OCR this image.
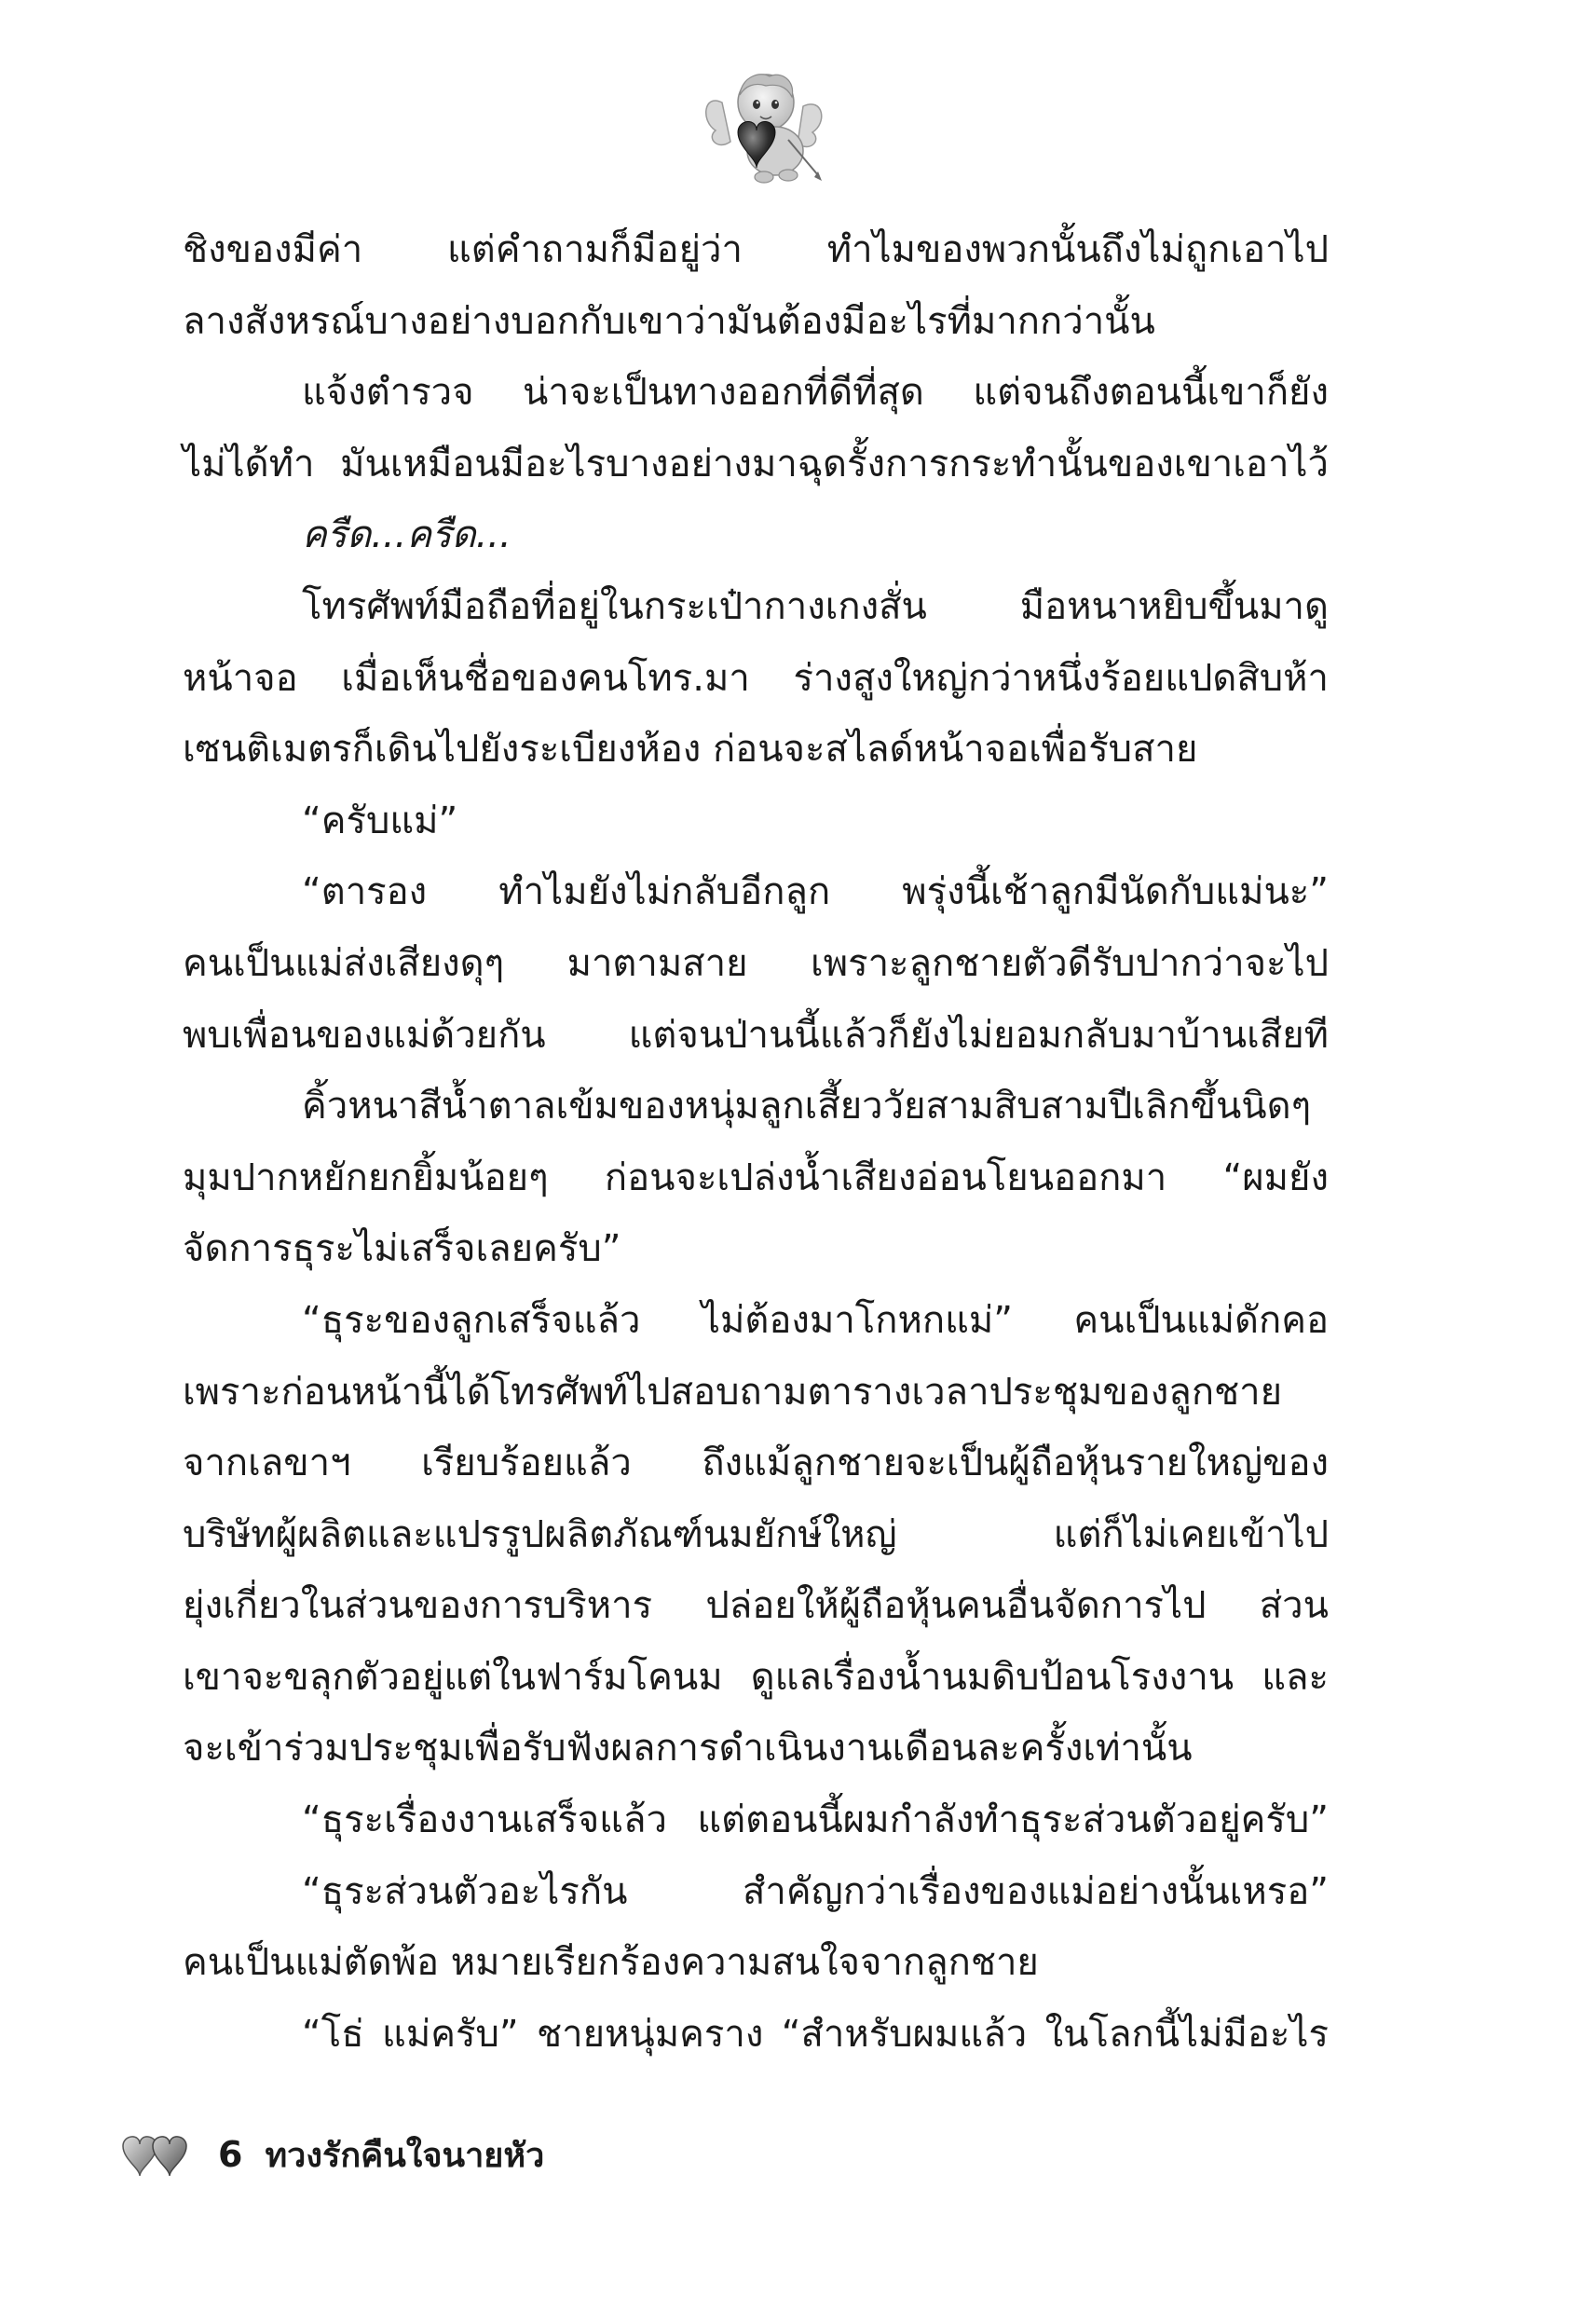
ชิงของมีค่า แต่คำถามก็มีอยู่ว่า ทำไมของพวกนั้นถึงไม่ถูกเอาไป
ลางสังหรณ์บางอย่างบอกกับเขาว่ามันต้องมีอะไรที่มากกว่านั้น
แจ้งตำรวจ น่าจะเป็นทางออกที่ดีที่สุด แต่จนถึงตอนนี้เขาก็ยัง
ไม่ได้ทำ มันเหมือนมีอะไรบางอย่างมาฉุดรั้งการกระทำนั้นของเขาเอาไว้
ครืด...ครืด...
โทรศัพท์มือถือที่อยู่ในกระเป๋ากางเกงสั่น มือหนาหยิบขึ้นมาดู
หน้าจอ เมื่อเห็นชื่อของคนโทร.มา ร่างสูงใหญ่กว่าหนึ่งร้อยแปดสิบห้า
เซนติเมตรก็เดินไปยังระเบียงห้อง ก่อนจะสไลด์หน้าจอเพื่อรับสาย
“ครับแม่”
“ตารอง ทำไมยังไม่กลับอีกลูก พรุ่งนี้เช้าลูกมีนัดกับแม่นะ”
คนเป็นแม่ส่งเสียงดุๆ มาตามสาย เพราะลูกชายตัวดีรับปากว่าจะไป
พบเพื่อนของแม่ด้วยกัน แต่จนป่านนี้แล้วก็ยังไม่ยอมกลับมาบ้านเสียที
คิ้วหนาสีน้ำตาลเข้มของหนุ่มลูกเสี้ยววัยสามสิบสามปีเลิกขึ้นนิดๆ
มุมปากหยักยกยิ้มน้อยๆ ก่อนจะเปล่งน้ำเสียงอ่อนโยนออกมา “ผมยัง
จัดการธุระไม่เสร็จเลยครับ”
“ธุระของลูกเสร็จแล้ว ไม่ต้องมาโกหกแม่” คนเป็นแม่ดักคอ
เพราะก่อนหน้านี้ได้โทรศัพท์ไปสอบถามตารางเวลาประชุมของลูกชาย
จากเลขาฯ เรียบร้อยแล้ว ถึงแม้ลูกชายจะเป็นผู้ถือหุ้นรายใหญ่ของ
บริษัทผู้ผลิตและแปรรูปผลิตภัณฑ์นมยักษ์ใหญ่ แต่ก็ไม่เคยเข้าไป
ยุ่งเกี่ยวในส่วนของการบริหาร ปล่อยให้ผู้ถือหุ้นคนอื่นจัดการไป ส่วน
เขาจะขลุกตัวอยู่แต่ในฟาร์มโคนม ดูแลเรื่องน้ำนมดิบป้อนโรงงาน และ
จะเข้าร่วมประชุมเพื่อรับฟังผลการดำเนินงานเดือนละครั้งเท่านั้น
“ธุระเรื่องงานเสร็จแล้ว แต่ตอนนี้ผมกำลังทำธุระส่วนตัวอยู่ครับ”
“ธุระส่วนตัวอะไรกัน สำคัญกว่าเรื่องของแม่อย่างนั้นเหรอ”
คนเป็นแม่ตัดพ้อ หมายเรียกร้องความสนใจจากลูกชาย
“โธ่ แม่ครับ” ชายหนุ่มคราง “สำหรับผมแล้ว ในโลกนี้ไม่มีอะไร
6 ทวงรักคืนใจนายหัว
